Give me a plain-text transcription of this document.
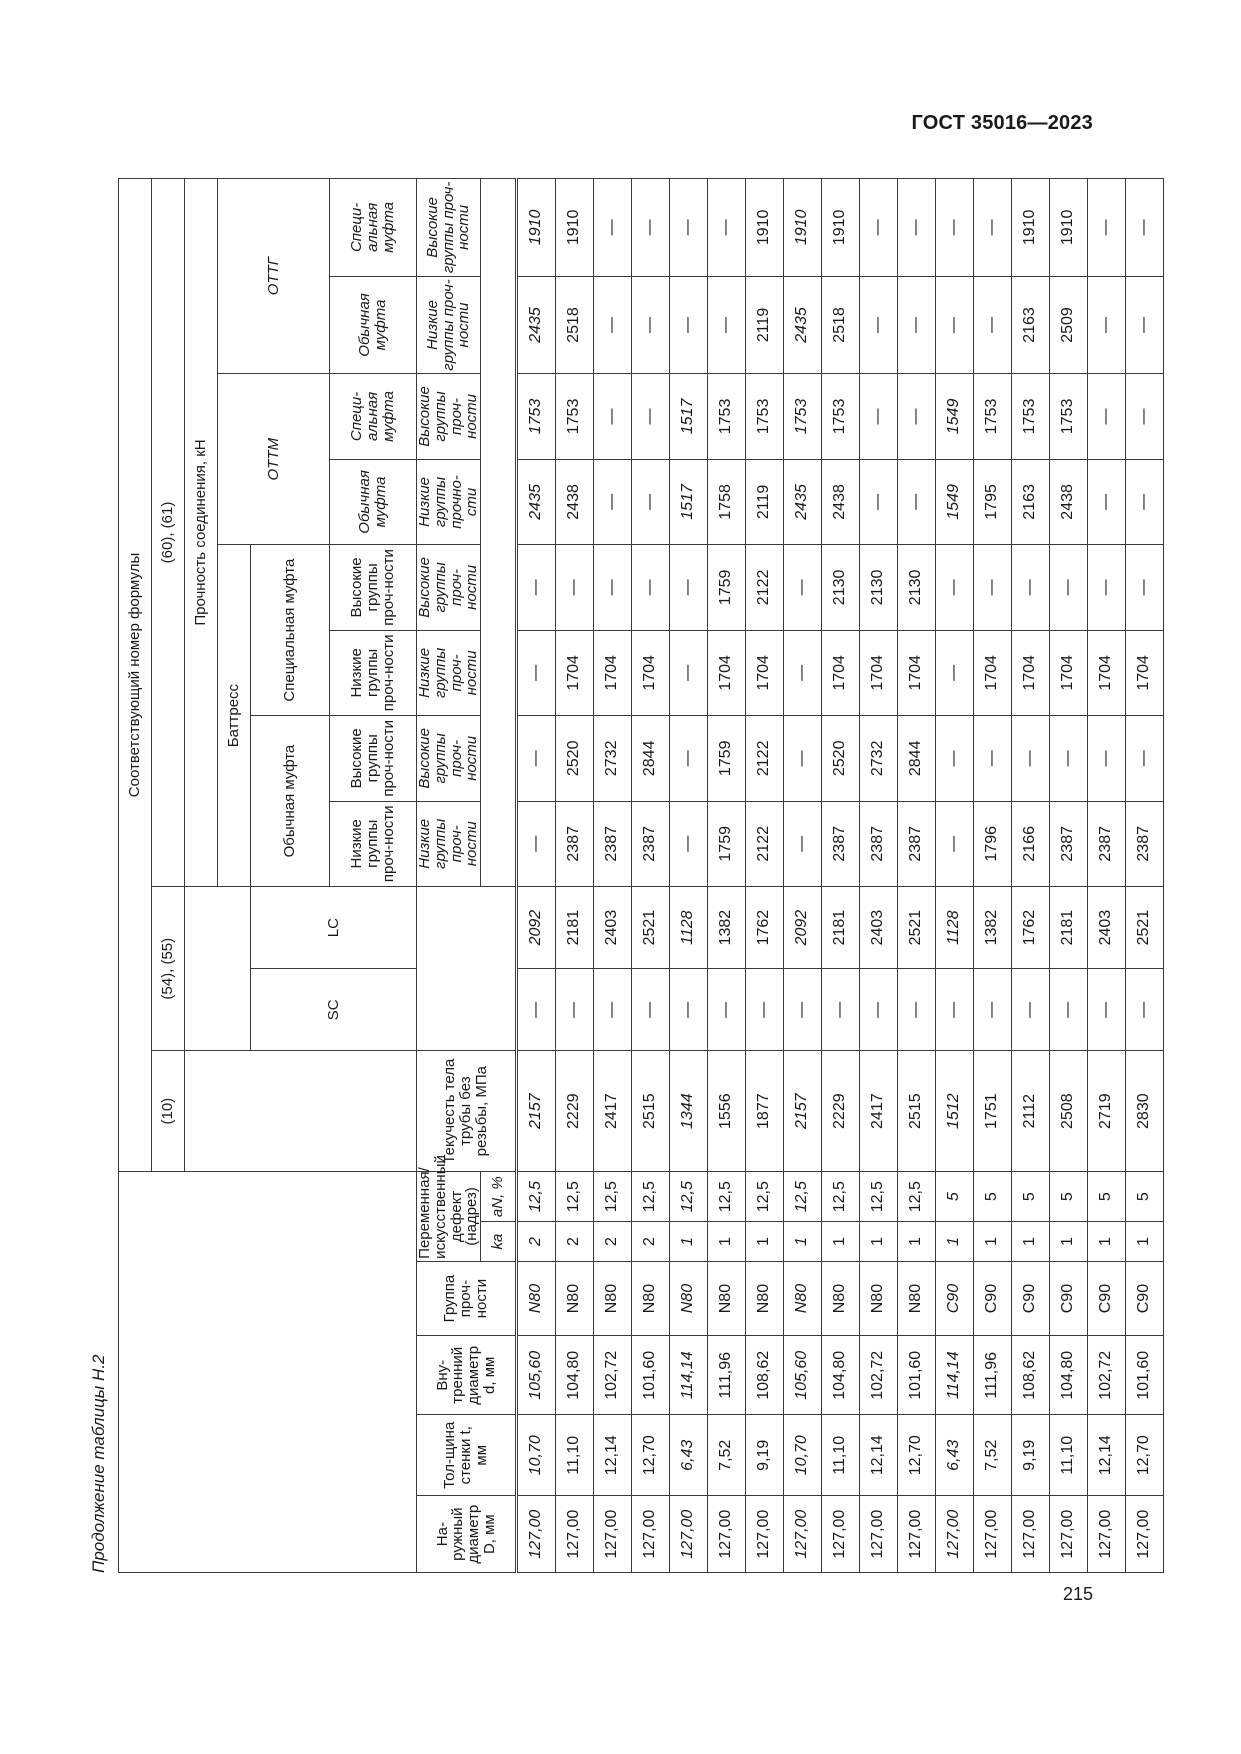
ГОСТ 35016—2023
Продолжение таблицы Н.2
						Соответствующий номер формулы										
						(10)	(54), (55)		(60), (61)							
									Прочность соединения, кН							
									Баттресс				ОТТМ		ОТТГ	
							SC	LC	Обычная муфта		Специальная муфта					
									Низкие группы проч-ности	Высокие группы проч-ности	Низкие группы проч-ности	Высокие группы проч-ности	Обычная муфта	Специ-альная муфта	Обычная муфта	Специ-альная муфта
На-ружный диаметр D, мм	Тол-щина стенки t, мм	Вну-тренний диаметр d, мм	Группа проч-ности	Переменная/ искусственный дефект (надрез)		Текучесть тела трубы без резьбы, МПа			Низкие группы проч-ности	Высокие группы проч-ности	Низкие группы проч-ности	Высокие группы проч-ности	Низкие группы прочно-сти	Высокие группы проч-ности	Низкие группы проч-ности	Высокие группы проч-ности
				ka	aN, %											
127,00	10,70	105,60	N80	2	12,5	2157	—	2092	—	—	—	—	2435	1753	2435	1910
127,00	11,10	104,80	N80	2	12,5	2229	—	2181	2387	2520	1704	—	2438	1753	2518	1910
127,00	12,14	102,72	N80	2	12,5	2417	—	2403	2387	2732	1704	—	—	—	—	—
127,00	12,70	101,60	N80	2	12,5	2515	—	2521	2387	2844	1704	—	—	—	—	—
127,00	6,43	114,14	N80	1	12,5	1344	—	1128	—	—	—	—	1517	1517	—	—
127,00	7,52	111,96	N80	1	12,5	1556	—	1382	1759	1759	1704	1759	1758	1753	—	—
127,00	9,19	108,62	N80	1	12,5	1877	—	1762	2122	2122	1704	2122	2119	1753	2119	1910
127,00	10,70	105,60	N80	1	12,5	2157	—	2092	—	—	—	—	2435	1753	2435	1910
127,00	11,10	104,80	N80	1	12,5	2229	—	2181	2387	2520	1704	2130	2438	1753	2518	1910
127,00	12,14	102,72	N80	1	12,5	2417	—	2403	2387	2732	1704	2130	—	—	—	—
127,00	12,70	101,60	N80	1	12,5	2515	—	2521	2387	2844	1704	2130	—	—	—	—
127,00	6,43	114,14	C90	1	5	1512	—	1128	—	—	—	—	1549	1549	—	—
127,00	7,52	111,96	C90	1	5	1751	—	1382	1796	—	1704	—	1795	1753	—	—
127,00	9,19	108,62	C90	1	5	2112	—	1762	2166	—	1704	—	2163	1753	2163	1910
127,00	11,10	104,80	C90	1	5	2508	—	2181	2387	—	1704	—	2438	1753	2509	1910
127,00	12,14	102,72	C90	1	5	2719	—	2403	2387	—	1704	—	—	—	—	—
127,00	12,70	101,60	C90	1	5	2830	—	2521	2387	—	1704	—	—	—	—	—
215
